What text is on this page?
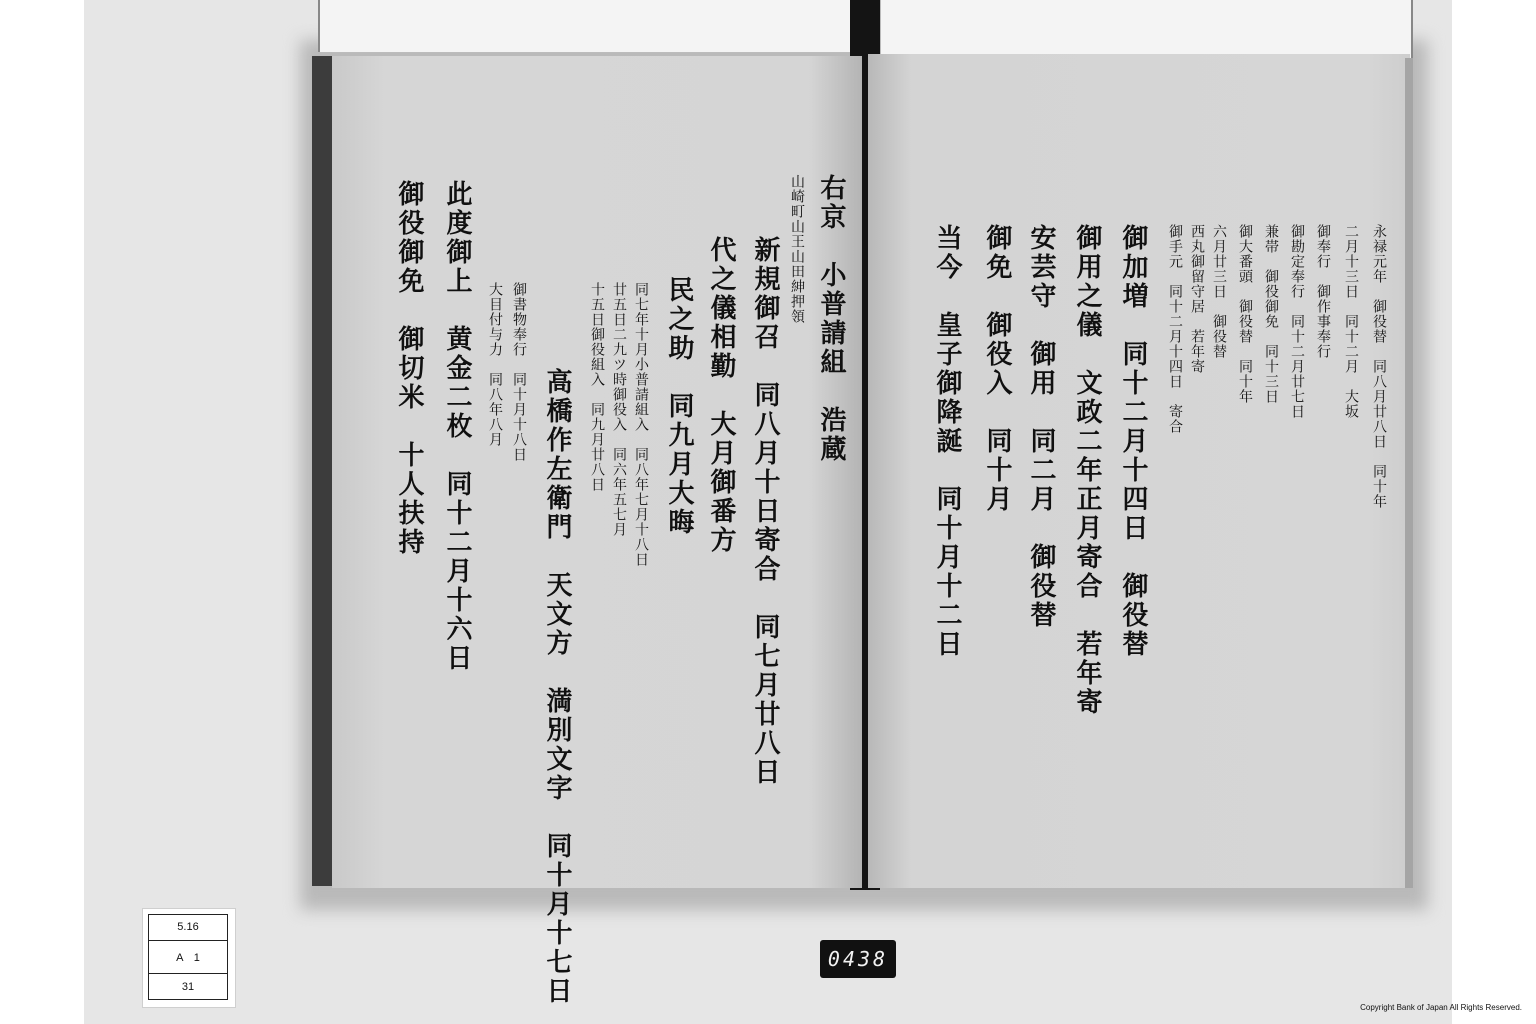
右京　小普請組　浩蔵
山崎町山王山田紳押領
新規御召　同八月十日寄合　同七月廿八日
代之儀相勤　大月御番方
民之助　同九月大晦
同七年十月小普請組入　同八年七月十八日
廿五日二九ツ時御役入　同六年五七月
十五日御役組入　同九月廿八日
高橋作左衛門　天文方　満別文字　同十月十七日
御書物奉行　同十月十八日
大目付与力　同八年八月
此度御上　黄金二枚　同十二月十六日
御役御免　御切米　十人扶持	永禄元年　御役替　同八月廿八日　同十年
二月十三日　同十二月　大坂
御奉行　御作事奉行
御勘定奉行　同十二月廿七日
兼帯　御役御免　同十三日
御大番頭　御役替　同十年
六月廿三日　御役替
西丸御留守居　若年寄
御手元　同十二月十四日　寄合
御加増　同十二月十四日　御役替
御用之儀　文政二年正月寄合　若年寄
安芸守　御用　同二月　御役替
御免　御役入　同十月
当今　皇子御降誕　同十月十二日
5.16
A　1
31
0438
Copyright Bank of Japan All Rights Reserved.
